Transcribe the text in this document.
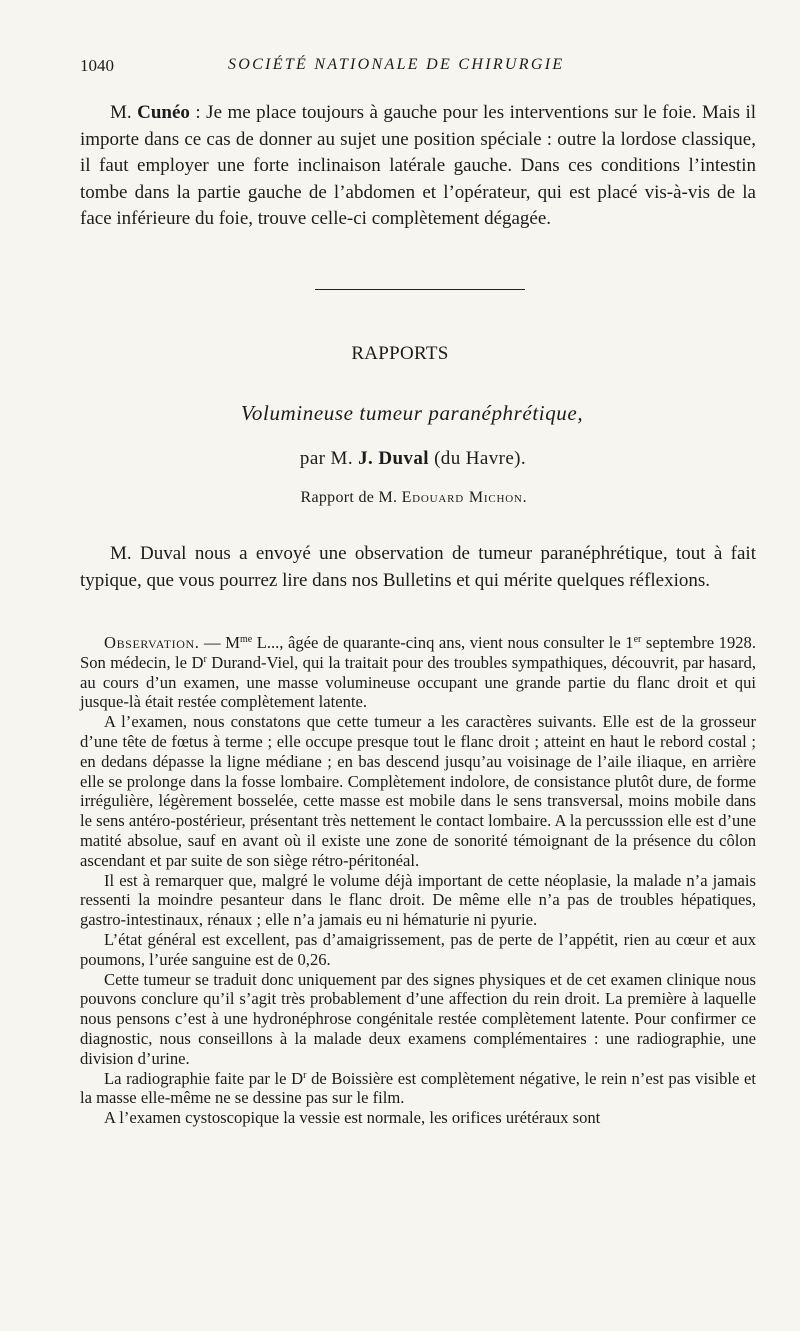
1040	SOCIÉTÉ NATIONALE DE CHIRURGIE

M. Cunéo : Je me place toujours à gauche pour les interventions sur le foie. Mais il importe dans ce cas de donner au sujet une position spéciale : outre la lordose classique, il faut employer une forte inclinaison latérale gauche. Dans ces conditions l’intestin tombe dans la partie gauche de l’abdomen et l’opérateur, qui est placé vis-à-vis de la face inférieure du foie, trouve celle-ci complètement dégagée.

RAPPORTS
Volumineuse tumeur paranéphrétique,
par M. J. Duval (du Havre).
Rapport de M. Edouard Michon.

M. Duval nous a envoyé une observation de tumeur paranéphrétique, tout à fait typique, que vous pourrez lire dans nos Bulletins et qui mérite quelques réflexions.

Observation. — $M^{me}$ L..., âgée de quarante-cinq ans, vient nous consulter le 1er septembre 1928. Son médecin, le $D^r$ Durand-Viel, qui la traitait pour des troubles sympathiques, découvrit, par hasard, au cours d’un examen, une masse volumineuse occupant une grande partie du flanc droit et qui jusque-là était restée complètement latente.

A l’examen, nous constatons que cette tumeur a les caractères suivants. Elle est de la grosseur d’une tête de fœtus à terme ; elle occupe presque tout le flanc droit ; atteint en haut le rebord costal ; en dedans dépasse la ligne médiane ; en bas descend jusqu’au voisinage de l’aile iliaque, en arrière elle se prolonge dans la fosse lombaire. Complètement indolore, de consistance plutôt dure, de forme irrégulière, légèrement bosselée, cette masse est mobile dans le sens transversal, moins mobile dans le sens antéro-postérieur, présentant très nettement le contact lombaire. A la percusssion elle est d’une matité absolue, sauf en avant où il existe une zone de sonorité témoignant de la présence du côlon ascendant et par suite de son siège rétro-péritonéal.

Il est à remarquer que, malgré le volume déjà important de cette néoplasie, la malade n’a jamais ressenti la moindre pesanteur dans le flanc droit. De même elle n’a pas de troubles hépatiques, gastro-intestinaux, rénaux ; elle n’a jamais eu ni hématurie ni pyurie.

L’état général est excellent, pas d’amaigrissement, pas de perte de l’appétit, rien au cœur et aux poumons, l’urée sanguine est de 0,26.

Cette tumeur se traduit donc uniquement par des signes physiques et de cet examen clinique nous pouvons conclure qu’il s’agit très probablement d’une affection du rein droit. La première à laquelle nous pensons c’est à une hydronéphrose congénitale restée complètement latente. Pour confirmer ce diagnostic, nous conseillons à la malade deux examens complémentaires : une radiographie, une division d’urine.

La radiographie faite par le $D^r$ de Boissière est complètement négative, le rein n’est pas visible et la masse elle-même ne se dessine pas sur le film.

A l’examen cystoscopique la vessie est normale, les orifices urétéraux sont
